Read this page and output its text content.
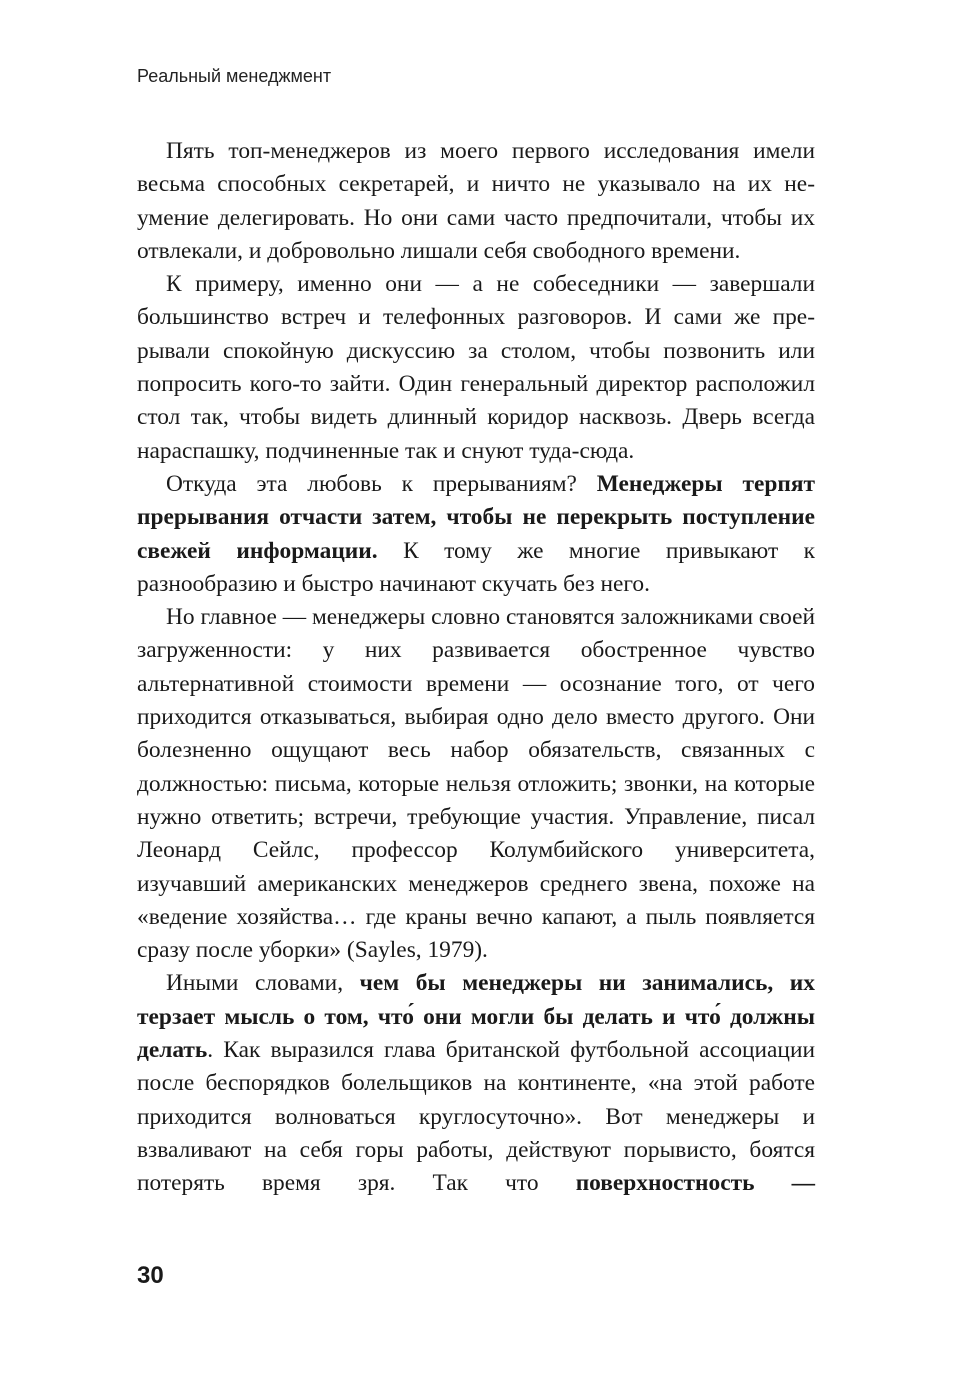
Реальный менеджмент

Пять топ-менеджеров из моего первого исследования имели весьма способных секретарей, и ничто не указывало на их неумение делегировать. Но они сами часто предпочитали, чтобы их отвлекали, и добровольно лишали себя свободного времени.

К примеру, именно они — а не собеседники — завершали большинство встреч и телефонных разговоров. И сами же прерывали спокойную дискуссию за столом, чтобы позвонить или попросить кого-то зайти. Один генеральный директор расположил стол так, чтобы видеть длинный коридор насквозь. Дверь всегда нараспашку, подчиненные так и снуют туда-сюда.

Откуда эта любовь к прерываниям? Менеджеры терпят прерывания отчасти затем, чтобы не перекрыть поступление свежей информации. К тому же многие привыкают к разнообразию и быстро начинают скучать без него.

Но главное — менеджеры словно становятся заложниками своей загруженности: у них развивается обостренное чувство альтернативной стоимости времени — осознание того, от чего приходится отказываться, выбирая одно дело вместо другого. Они болезненно ощущают весь набор обязательств, связанных с должностью: письма, которые нельзя отложить; звонки, на которые нужно ответить; встречи, требующие участия. Управление, писал Леонард Сейлс, профессор Колумбийского университета, изучавший американских менеджеров среднего звена, похоже на «ведение хозяйства… где краны вечно капают, а пыль появляется сразу после уборки» (Sayles, 1979).

Иными словами, чем бы менеджеры ни занимались, их терзает мысль о том, что́ они могли бы делать и что́ должны делать. Как выразился глава британской футбольной ассоциации после беспорядков болельщиков на континенте, «на этой работе приходится волноваться круглосуточно». Вот менеджеры и взваливают на себя горы работы, действуют порывисто, боятся потерять время зря. Так что поверхностность —

30
